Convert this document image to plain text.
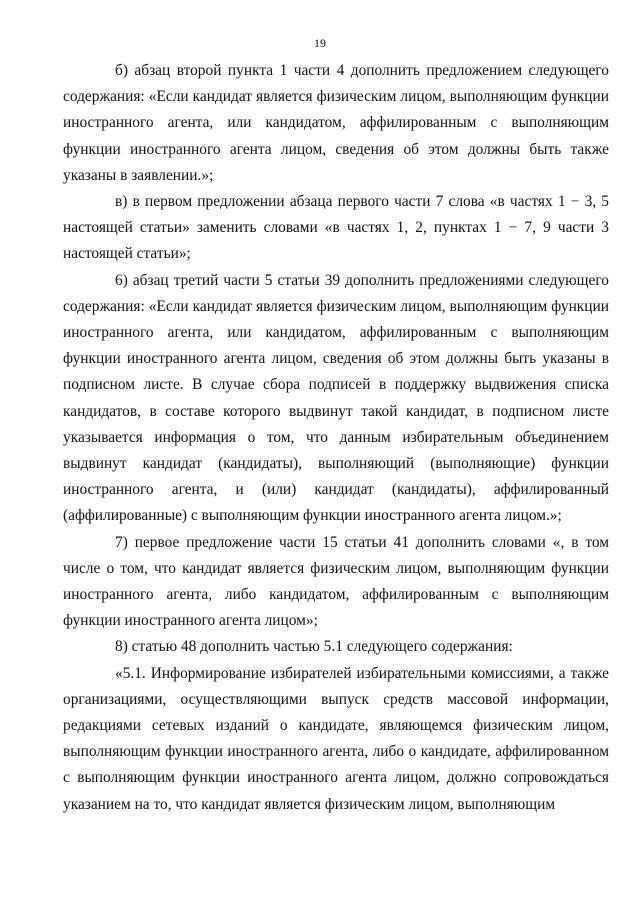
19

б) абзац второй пункта 1 части 4 дополнить предложением следующего содержания: «Если кандидат является физическим лицом, выполняющим функции иностранного агента, или кандидатом, аффилированным с выполняющим функции иностранного агента лицом, сведения об этом должны быть также указаны в заявлении.»;

в) в первом предложении абзаца первого части 7 слова «в частях 1 − 3, 5 настоящей статьи» заменить словами «в частях 1, 2, пунктах 1 − 7, 9 части 3 настоящей статьи»;

6) абзац третий части 5 статьи 39 дополнить предложениями следующего содержания: «Если кандидат является физическим лицом, выполняющим функции иностранного агента, или кандидатом, аффилированным с выполняющим функции иностранного агента лицом, сведения об этом должны быть указаны в подписном листе. В случае сбора подписей в поддержку выдвижения списка кандидатов, в составе которого выдвинут такой кандидат, в подписном листе указывается информация о том, что данным избирательным объединением выдвинут кандидат (кандидаты), выполняющий (выполняющие) функции иностранного агента, и (или) кандидат (кандидаты), аффилированный (аффилированные) с выполняющим функции иностранного агента лицом.»;

7) первое предложение части 15 статьи 41 дополнить словами «, в том числе о том, что кандидат является физическим лицом, выполняющим функции иностранного агента, либо кандидатом, аффилированным с выполняющим функции иностранного агента лицом»;

8) статью 48 дополнить частью 5.1 следующего содержания:

«5.1. Информирование избирателей избирательными комиссиями, а также организациями, осуществляющими выпуск средств массовой информации, редакциями сетевых изданий о кандидате, являющемся физическим лицом, выполняющим функции иностранного агента, либо о кандидате, аффилированном с выполняющим функции иностранного агента лицом, должно сопровождаться указанием на то, что кандидат является физическим лицом, выполняющим
